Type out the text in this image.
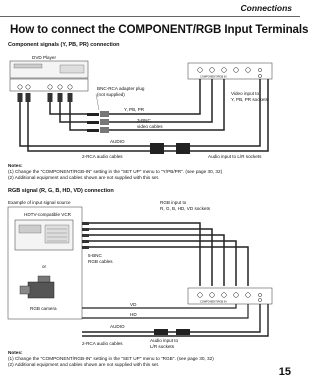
Connections
How to connect the COMPONENT/RGB Input Terminals
Component signals (Y, PB, PR) connection
DVD Player
COMPONENT/RGB IN
BNC-RCA adapter plug
(not supplied)	Video input to
Y, PB, PR sockets
Y, PB, PR
3-BNC
video cables
AUDIO
2-RCA audio cables	Audio input to L/R sockets
Example of input signal source
HDTV-compatible VCR
or
RGB camera
COMPONENT/RGB IN
VD
HD
AUDIO
2-RCA audio cables
Audio input to
L/R sockets
5-BNC
RGB cables
RGB input to
R, G, B, HD, VD sockets
Notes:
(1) Change the "COMPONENT/RGB-IN" setting in the "SET UP" menu to "Y/PB/PR". (see page 30, 32)
(2) Additional equipment and cables shown are not supplied with this set.
RGB signal (R, G, B, HD, VD) connection
Notes:
(1) Change the "COMPONENT/RGB-IN" setting in the "SET UP" menu to "RGB". (see page 30, 32)
(2) Additional equipment and cables shown are not supplied with this set.
15
